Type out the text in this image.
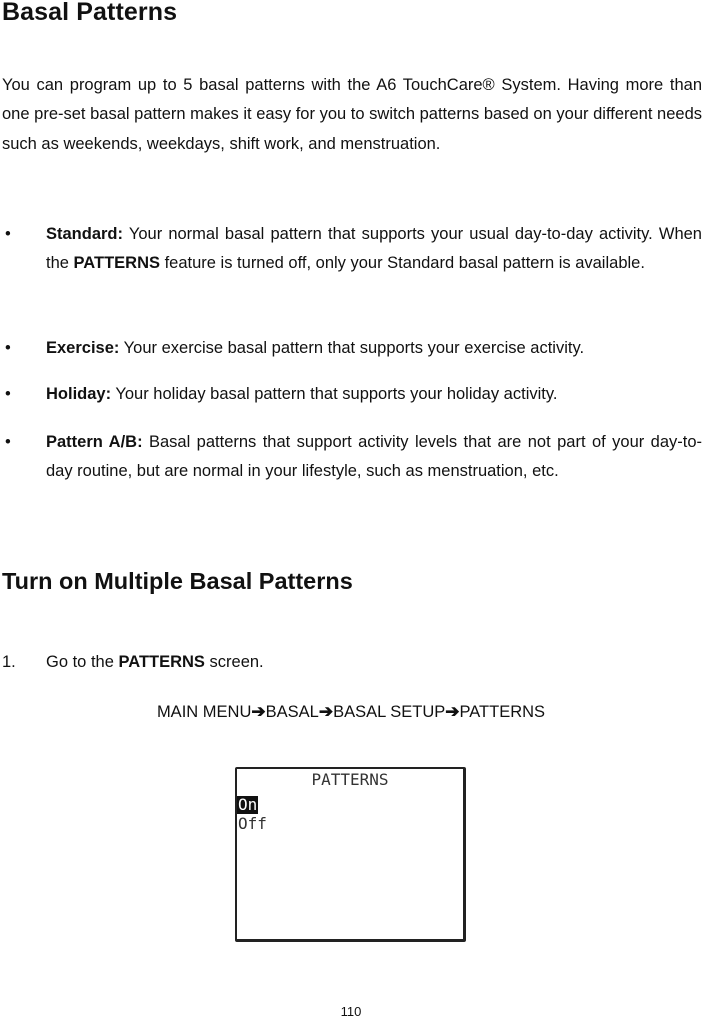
Basal Patterns

You can program up to 5 basal patterns with the A6 TouchCare® System. Having more than one pre-set basal pattern makes it easy for you to switch patterns based on your different needs such as weekends, weekdays, shift work, and menstruation.

• Standard: Your normal basal pattern that supports your usual day-to-day activity. When the PATTERNS feature is turned off, only your Standard basal pattern is available.
• Exercise: Your exercise basal pattern that supports your exercise activity.
• Holiday: Your holiday basal pattern that supports your holiday activity.
• Pattern A/B: Basal patterns that support activity levels that are not part of your day-to-day routine, but are normal in your lifestyle, such as menstruation, etc.
Turn on Multiple Basal Patterns
1. Go to the PATTERNS screen.
MAIN MENU➔BASAL➔BASAL SETUP➔PATTERNS
PATTERNS
On
Off
110
